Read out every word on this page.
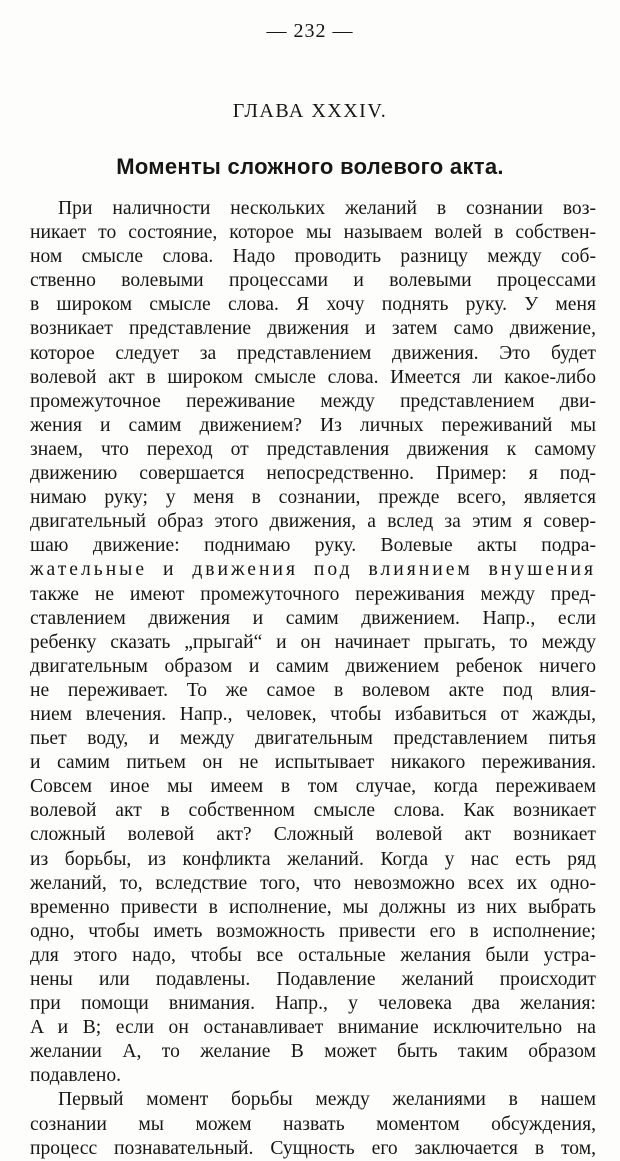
— 232 —
ГЛАВА XXXIV.
Моменты сложного волевого акта.
При наличности нескольких желаний в сознании воз-
никает то состояние, которое мы называем волей в собствен-
ном смысле слова. Надо проводить разницу между соб-
ственно волевыми процессами и волевыми процессами
в широком смысле слова. Я хочу поднять руку. У меня
возникает представление движения и затем само движение,
которое следует за представлением движения. Это будет
волевой акт в широком смысле слова. Имеется ли какое-либо
промежуточное переживание между представлением дви-
жения и самим движением? Из личных переживаний мы
знаем, что переход от представления движения к самому
движению совершается непосредственно. Пример: я под-
нимаю руку; у меня в сознании, прежде всего, является
двигательный образ этого движения, а вслед за этим я совер-
шаю движение: поднимаю руку. Волевые акты подра-
жательные и движения под влиянием внушения
также не имеют промежуточного переживания между пред-
ставлением движения и самим движением. Напр., если
ребенку сказать „прыгай“ и он начинает прыгать, то между
двигательным образом и самим движением ребенок ничего
не переживает. То же самое в волевом акте под влия-
нием влечения. Напр., человек, чтобы избавиться от жажды,
пьет воду, и между двигательным представлением питья
и самим питьем он не испытывает никакого переживания.
Совсем иное мы имеем в том случае, когда переживаем
волевой акт в собственном смысле слова. Как возникает
сложный волевой акт? Сложный волевой акт возникает
из борьбы, из конфликта желаний. Когда у нас есть ряд
желаний, то, вследствие того, что невозможно всех их одно-
временно привести в исполнение, мы должны из них выбрать
одно, чтобы иметь возможность привести его в исполнение;
для этого надо, чтобы все остальные желания были устра-
нены или подавлены. Подавление желаний происходит
при помощи внимания. Напр., у человека два желания:
A и B; если он останавливает внимание исключительно на
желании A, то желание B может быть таким образом
подавлено.
Первый момент борьбы между желаниями в нашем
сознании мы можем назвать моментом обсуждения,
процесс познавательный. Сущность его заключается в том,
